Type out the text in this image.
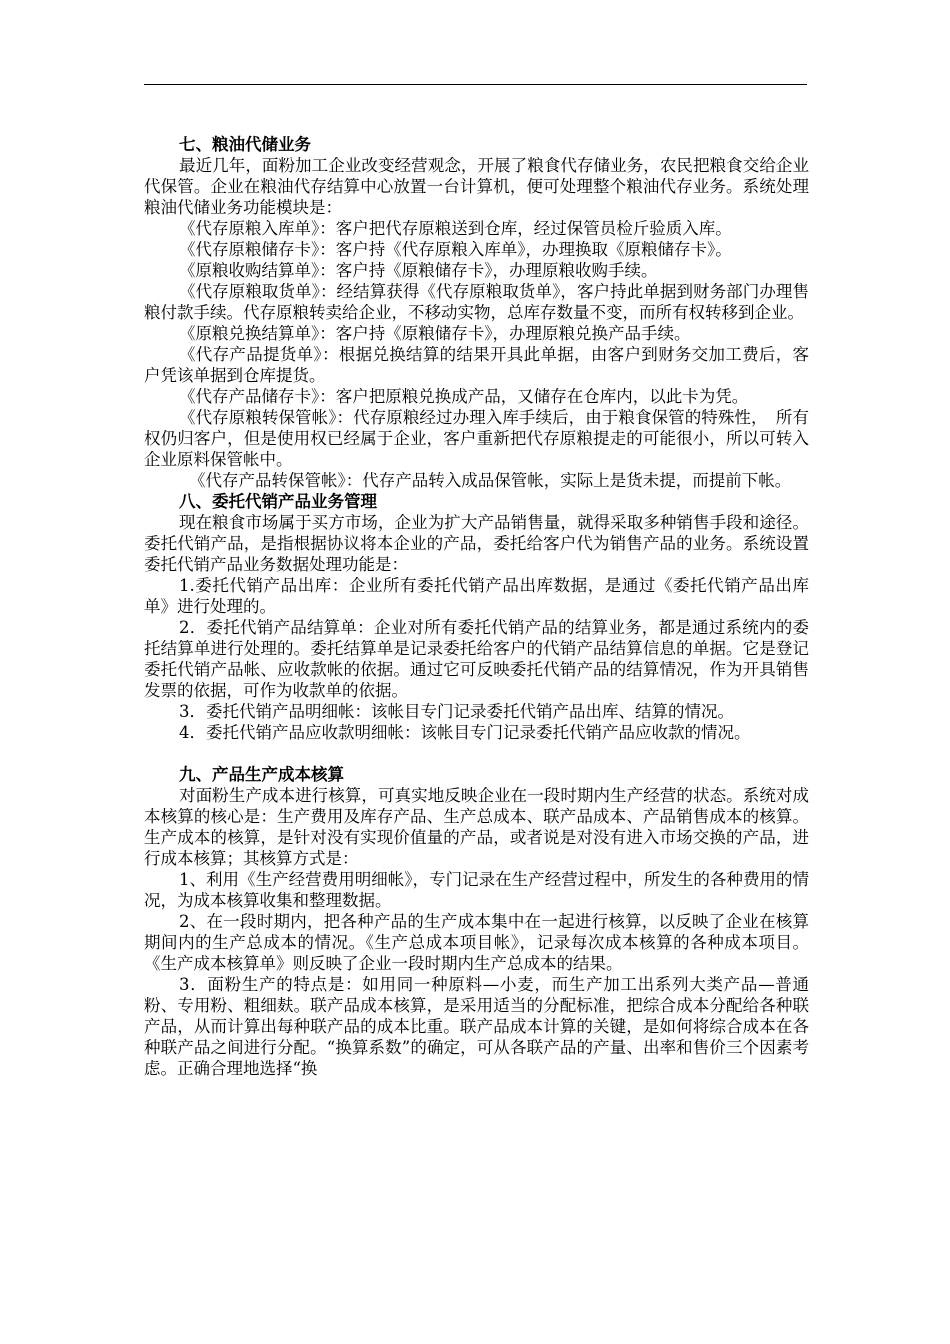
七、粮油代储业务

最近几年，面粉加工企业改变经营观念，开展了粮食代存储业务，农民把粮食交给企业代保管。企业在粮油代存结算中心放置一台计算机，便可处理整个粮油代存业务。系统处理粮油代储业务功能模块是：

《代存原粮入库单》：客户把代存原粮送到仓库，经过保管员检斤验质入库。

《代存原粮储存卡》：客户持《代存原粮入库单》，办理换取《原粮储存卡》。

《原粮收购结算单》：客户持《原粮储存卡》，办理原粮收购手续。

《代存原粮取货单》：经结算获得《代存原粮取货单》，客户持此单据到财务部门办理售粮付款手续。代存原粮转卖给企业，不移动实物，总库存数量不变，而所有权转移到企业。

《原粮兑换结算单》：客户持《原粮储存卡》，办理原粮兑换产品手续。

《代存产品提货单》：根据兑换结算的结果开具此单据，由客户到财务交加工费后，客户凭该单据到仓库提货。

《代存产品储存卡》：客户把原粮兑换成产品，又储存在仓库内，以此卡为凭。

《代存原粮转保管帐》：代存原粮经过办理入库手续后，由于粮食保管的特殊性，　所有权仍归客户，但是使用权已经属于企业，客户重新把代存原粮提走的可能很小，所以可转入企业原料保管帐中。

《代存产品转保管帐》：代存产品转入成品保管帐，实际上是货未提，而提前下帐。

八、委托代销产品业务管理

现在粮食市场属于买方市场，企业为扩大产品销售量，就得采取多种销售手段和途径。委托代销产品，是指根据协议将本企业的产品，委托给客户代为销售产品的业务。系统设置委托代销产品业务数据处理功能是：

1.委托代销产品出库：企业所有委托代销产品出库数据，是通过《委托代销产品出库单》进行处理的。

2．委托代销产品结算单：企业对所有委托代销产品的结算业务，都是通过系统内的委托结算单进行处理的。委托结算单是记录委托给客户的代销产品结算信息的单据。它是登记委托代销产品帐、应收款帐的依据。通过它可反映委托代销产品的结算情况，作为开具销售发票的依据，可作为收款单的依据。

3．委托代销产品明细帐：该帐目专门记录委托代销产品出库、结算的情况。

4．委托代销产品应收款明细帐：该帐目专门记录委托代销产品应收款的情况。

九、产品生产成本核算

对面粉生产成本进行核算，可真实地反映企业在一段时期内生产经营的状态。系统对成本核算的核心是：生产费用及库存产品、生产总成本、联产品成本、产品销售成本的核算。生产成本的核算，是针对没有实现价值量的产品，或者说是对没有进入市场交换的产品，进行成本核算；其核算方式是：

1、利用《生产经营费用明细帐》，专门记录在生产经营过程中，所发生的各种费用的情况，为成本核算收集和整理数据。

2、在一段时期内，把各种产品的生产成本集中在一起进行核算，以反映了企业在核算期间内的生产总成本的情况。《生产总成本项目帐》，记录每次成本核算的各种成本项目。《生产成本核算单》则反映了企业一段时期内生产总成本的结果。

3．面粉生产的特点是：如用同一种原料—小麦，而生产加工出系列大类产品—普通粉、专用粉、粗细麸。联产品成本核算，是采用适当的分配标准，把综合成本分配给各种联产品，从而计算出每种联产品的成本比重。联产品成本计算的关键，是如何将综合成本在各种联产品之间进行分配。“换算系数”的确定，可从各联产品的产量、出率和售价三个因素考虑。正确合理地选择“换
